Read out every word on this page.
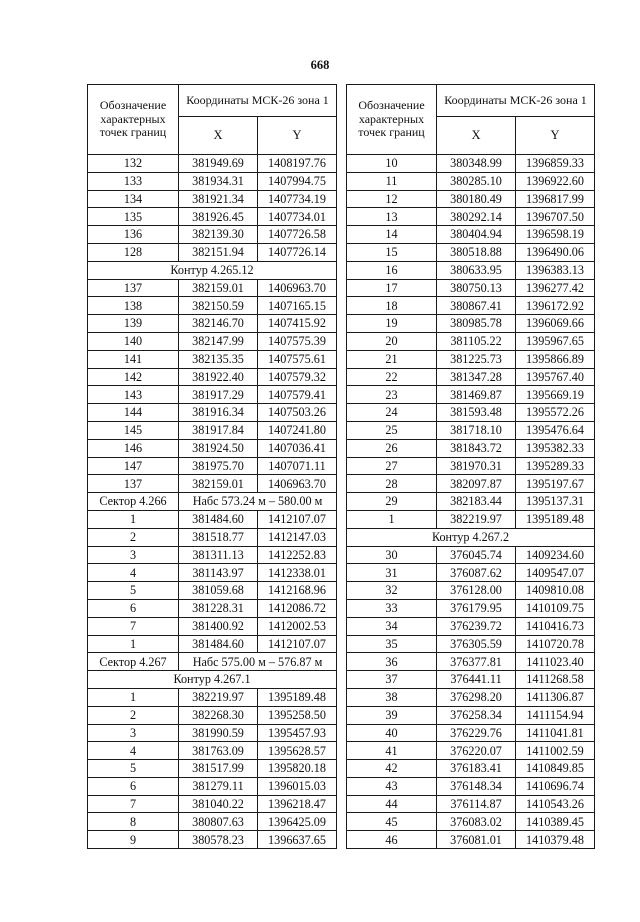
668
Обозначение характерных точек границ	Координаты МСК-26 зона 1	
	X	Y
132	381949.69	1408197.76
133	381934.31	1407994.75
134	381921.34	1407734.19
135	381926.45	1407734.01
136	382139.30	1407726.58
128	382151.94	1407726.14
Контур 4.265.12		
137	382159.01	1406963.70
138	382150.59	1407165.15
139	382146.70	1407415.92
140	382147.99	1407575.39
141	382135.35	1407575.61
142	381922.40	1407579.32
143	381917.29	1407579.41
144	381916.34	1407503.26
145	381917.84	1407241.80
146	381924.50	1407036.41
147	381975.70	1407071.11
137	382159.01	1406963.70
Сектор 4.266	Набс 573.24 м – 580.00 м	
1	381484.60	1412107.07
2	381518.77	1412147.03
3	381311.13	1412252.83
4	381143.97	1412338.01
5	381059.68	1412168.96
6	381228.31	1412086.72
7	381400.92	1412002.53
1	381484.60	1412107.07
Сектор 4.267	Набс 575.00 м – 576.87 м	
Контур 4.267.1		
1	382219.97	1395189.48
2	382268.30	1395258.50
3	381990.59	1395457.93
4	381763.09	1395628.57
5	381517.99	1395820.18
6	381279.11	1396015.03
7	381040.22	1396218.47
8	380807.63	1396425.09
9	380578.23	1396637.65
Обозначение характерных точек границ	Координаты МСК-26 зона 1	
	X	Y
10	380348.99	1396859.33
11	380285.10	1396922.60
12	380180.49	1396817.99
13	380292.14	1396707.50
14	380404.94	1396598.19
15	380518.88	1396490.06
16	380633.95	1396383.13
17	380750.13	1396277.42
18	380867.41	1396172.92
19	380985.78	1396069.66
20	381105.22	1395967.65
21	381225.73	1395866.89
22	381347.28	1395767.40
23	381469.87	1395669.19
24	381593.48	1395572.26
25	381718.10	1395476.64
26	381843.72	1395382.33
27	381970.31	1395289.33
28	382097.87	1395197.67
29	382183.44	1395137.31
1	382219.97	1395189.48
Контур 4.267.2		
30	376045.74	1409234.60
31	376087.62	1409547.07
32	376128.00	1409810.08
33	376179.95	1410109.75
34	376239.72	1410416.73
35	376305.59	1410720.78
36	376377.81	1411023.40
37	376441.11	1411268.58
38	376298.20	1411306.87
39	376258.34	1411154.94
40	376229.76	1411041.81
41	376220.07	1411002.59
42	376183.41	1410849.85
43	376148.34	1410696.74
44	376114.87	1410543.26
45	376083.02	1410389.45
46	376081.01	1410379.48
